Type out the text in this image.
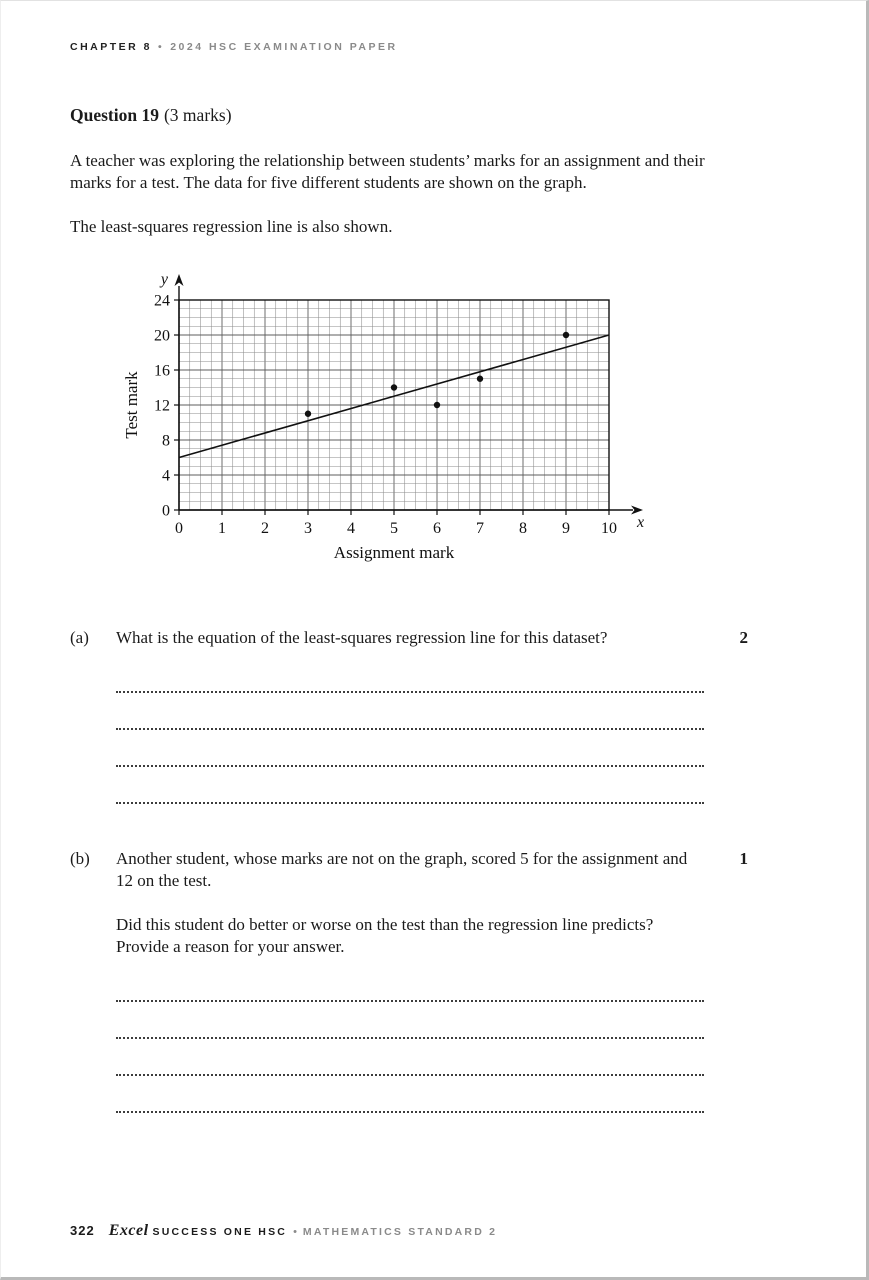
CHAPTER 8 • 2024 HSC EXAMINATION PAPER

Question 19 (3 marks)

A teacher was exploring the relationship between students’ marks for an assignment and their marks for a test. The data for five different students are shown on the graph.

The least-squares regression line is also shown.

0 1 2 3 4 5 6 7 8 9 10
0
4
8
12
16
20
24
y
x
Assignment mark
Test mark
(a)	What is the equation of the least-squares regression line for this dataset?	2
(b)	Another student, whose marks are not on the graph, scored 5 for the assignment and 12 on the test.

Did this student do better or worse on the test than the regression line predicts? Provide a reason for your answer.

1
322 Excel SUCCESS ONE HSC • MATHEMATICS STANDARD 2
